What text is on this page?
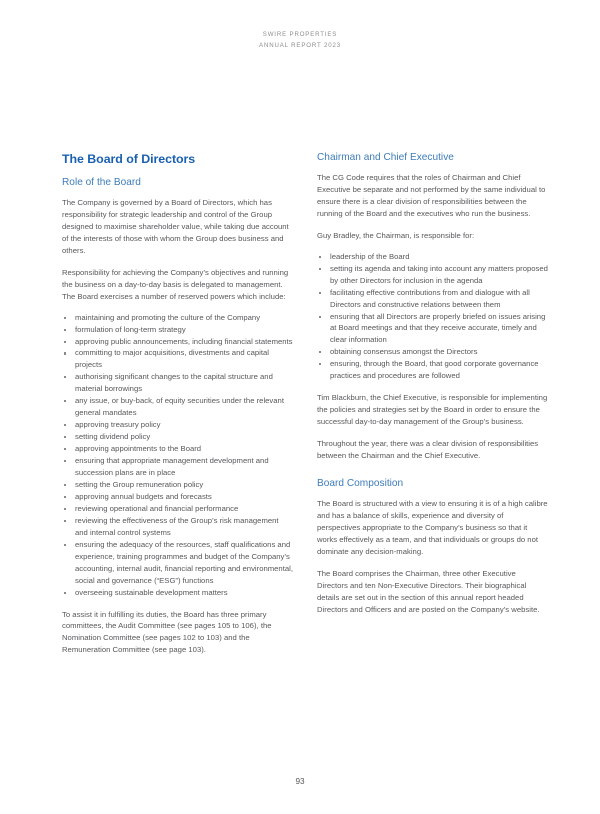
SWIRE PROPERTIES
ANNUAL REPORT 2023
The Board of Directors
Role of the Board

The Company is governed by a Board of Directors, which has responsibility for strategic leadership and control of the Group designed to maximise shareholder value, while taking due account of the interests of those with whom the Group does business and others.

Responsibility for achieving the Company’s objectives and running the business on a day-to-day basis is delegated to management. The Board exercises a number of reserved powers which include:

maintaining and promoting the culture of the Company
formulation of long-term strategy
approving public announcements, including financial statements
committing to major acquisitions, divestments and capital projects
authorising significant changes to the capital structure and material borrowings
any issue, or buy-back, of equity securities under the relevant general mandates
approving treasury policy
setting dividend policy
approving appointments to the Board
ensuring that appropriate management development and succession plans are in place
setting the Group remuneration policy
approving annual budgets and forecasts
reviewing operational and financial performance
reviewing the effectiveness of the Group’s risk management and internal control systems
ensuring the adequacy of the resources, staff qualifications and experience, training programmes and budget of the Company’s accounting, internal audit, financial reporting and environmental, social and governance (“ESG”) functions
overseeing sustainable development matters

To assist it in fulfilling its duties, the Board has three primary committees, the Audit Committee (see pages 105 to 106), the Nomination Committee (see pages 102 to 103) and the Remuneration Committee (see page 103).

Chairman and Chief Executive

The CG Code requires that the roles of Chairman and Chief Executive be separate and not performed by the same individual to ensure there is a clear division of responsibilities between the running of the Board and the executives who run the business.

Guy Bradley, the Chairman, is responsible for:

leadership of the Board
setting its agenda and taking into account any matters proposed by other Directors for inclusion in the agenda
facilitating effective contributions from and dialogue with all Directors and constructive relations between them
ensuring that all Directors are properly briefed on issues arising at Board meetings and that they receive accurate, timely and clear information
obtaining consensus amongst the Directors
ensuring, through the Board, that good corporate governance practices and procedures are followed

Tim Blackburn, the Chief Executive, is responsible for implementing the policies and strategies set by the Board in order to ensure the successful day-to-day management of the Group’s business.

Throughout the year, there was a clear division of responsibilities between the Chairman and the Chief Executive.

Board Composition

The Board is structured with a view to ensuring it is of a high calibre and has a balance of skills, experience and diversity of perspectives appropriate to the Company’s business so that it works effectively as a team, and that individuals or groups do not dominate any decision-making.

The Board comprises the Chairman, three other Executive Directors and ten Non-Executive Directors. Their biographical details are set out in the section of this annual report headed Directors and Officers and are posted on the Company’s website.

93
